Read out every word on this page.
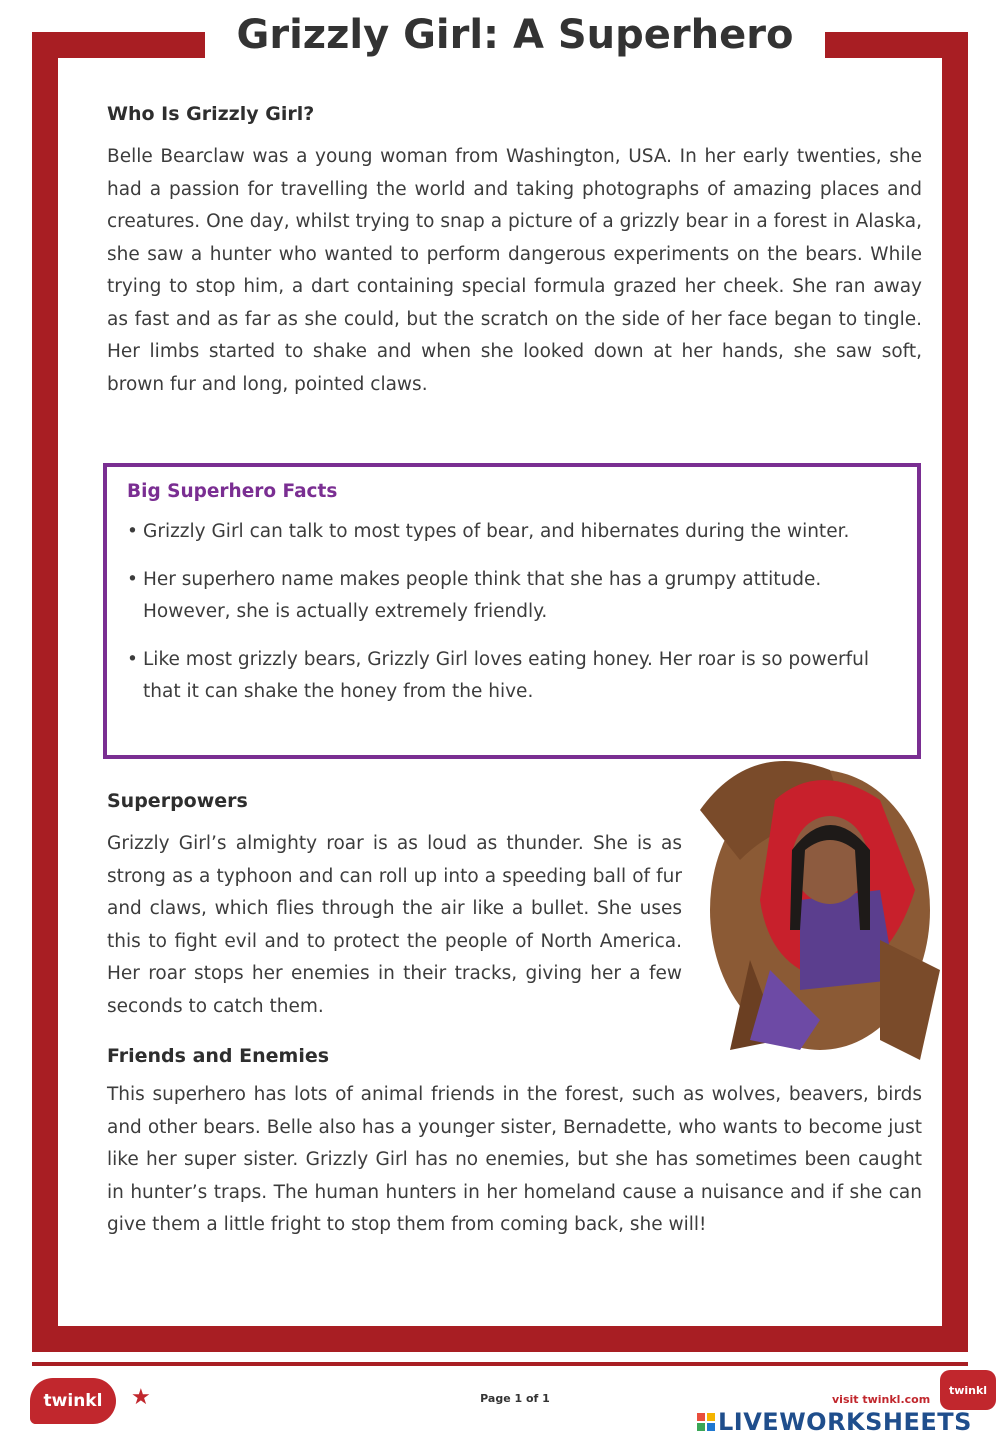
Grizzly Girl: A Superhero
Who Is Grizzly Girl?

Belle Bearclaw was a young woman from Washington, USA. In her early twenties, she had a passion for travelling the world and taking photographs of amazing places and creatures. One day, whilst trying to snap a picture of a grizzly bear in a forest in Alaska, she saw a hunter who wanted to perform dangerous experiments on the bears. While trying to stop him, a dart containing special formula grazed her cheek. She ran away as fast and as far as she could, but the scratch on the side of her face began to tingle. Her limbs started to shake and when she looked down at her hands, she saw soft, brown fur and long, pointed claws.

Big Superhero Facts
• Grizzly Girl can talk to most types of bear, and hibernates during the winter.
• Her superhero name makes people think that she has a grumpy attitude. However, she is actually extremely friendly.
• Like most grizzly bears, Grizzly Girl loves eating honey. Her roar is so powerful that it can shake the honey from the hive.
Superpowers

Grizzly Girl’s almighty roar is as loud as thunder. She is as strong as a typhoon and can roll up into a speeding ball of fur and claws, which flies through the air like a bullet. She uses this to fight evil and to protect the people of North America. Her roar stops her enemies in their tracks, giving her a few seconds to catch them.

Friends and Enemies

This superhero has lots of animal friends in the forest, such as wolves, beavers, birds and other bears. Belle also has a younger sister, Bernadette, who wants to become just like her super sister. Grizzly Girl has no enemies, but she has sometimes been caught in hunter’s traps. The human hunters in her homeland cause a nuisance and if she can give them a little fright to stop them from coming back, she will!

twinkl	★	Page 1 of 1	visit twinkl.com
twinkl
LIVEWORKSHEETS
